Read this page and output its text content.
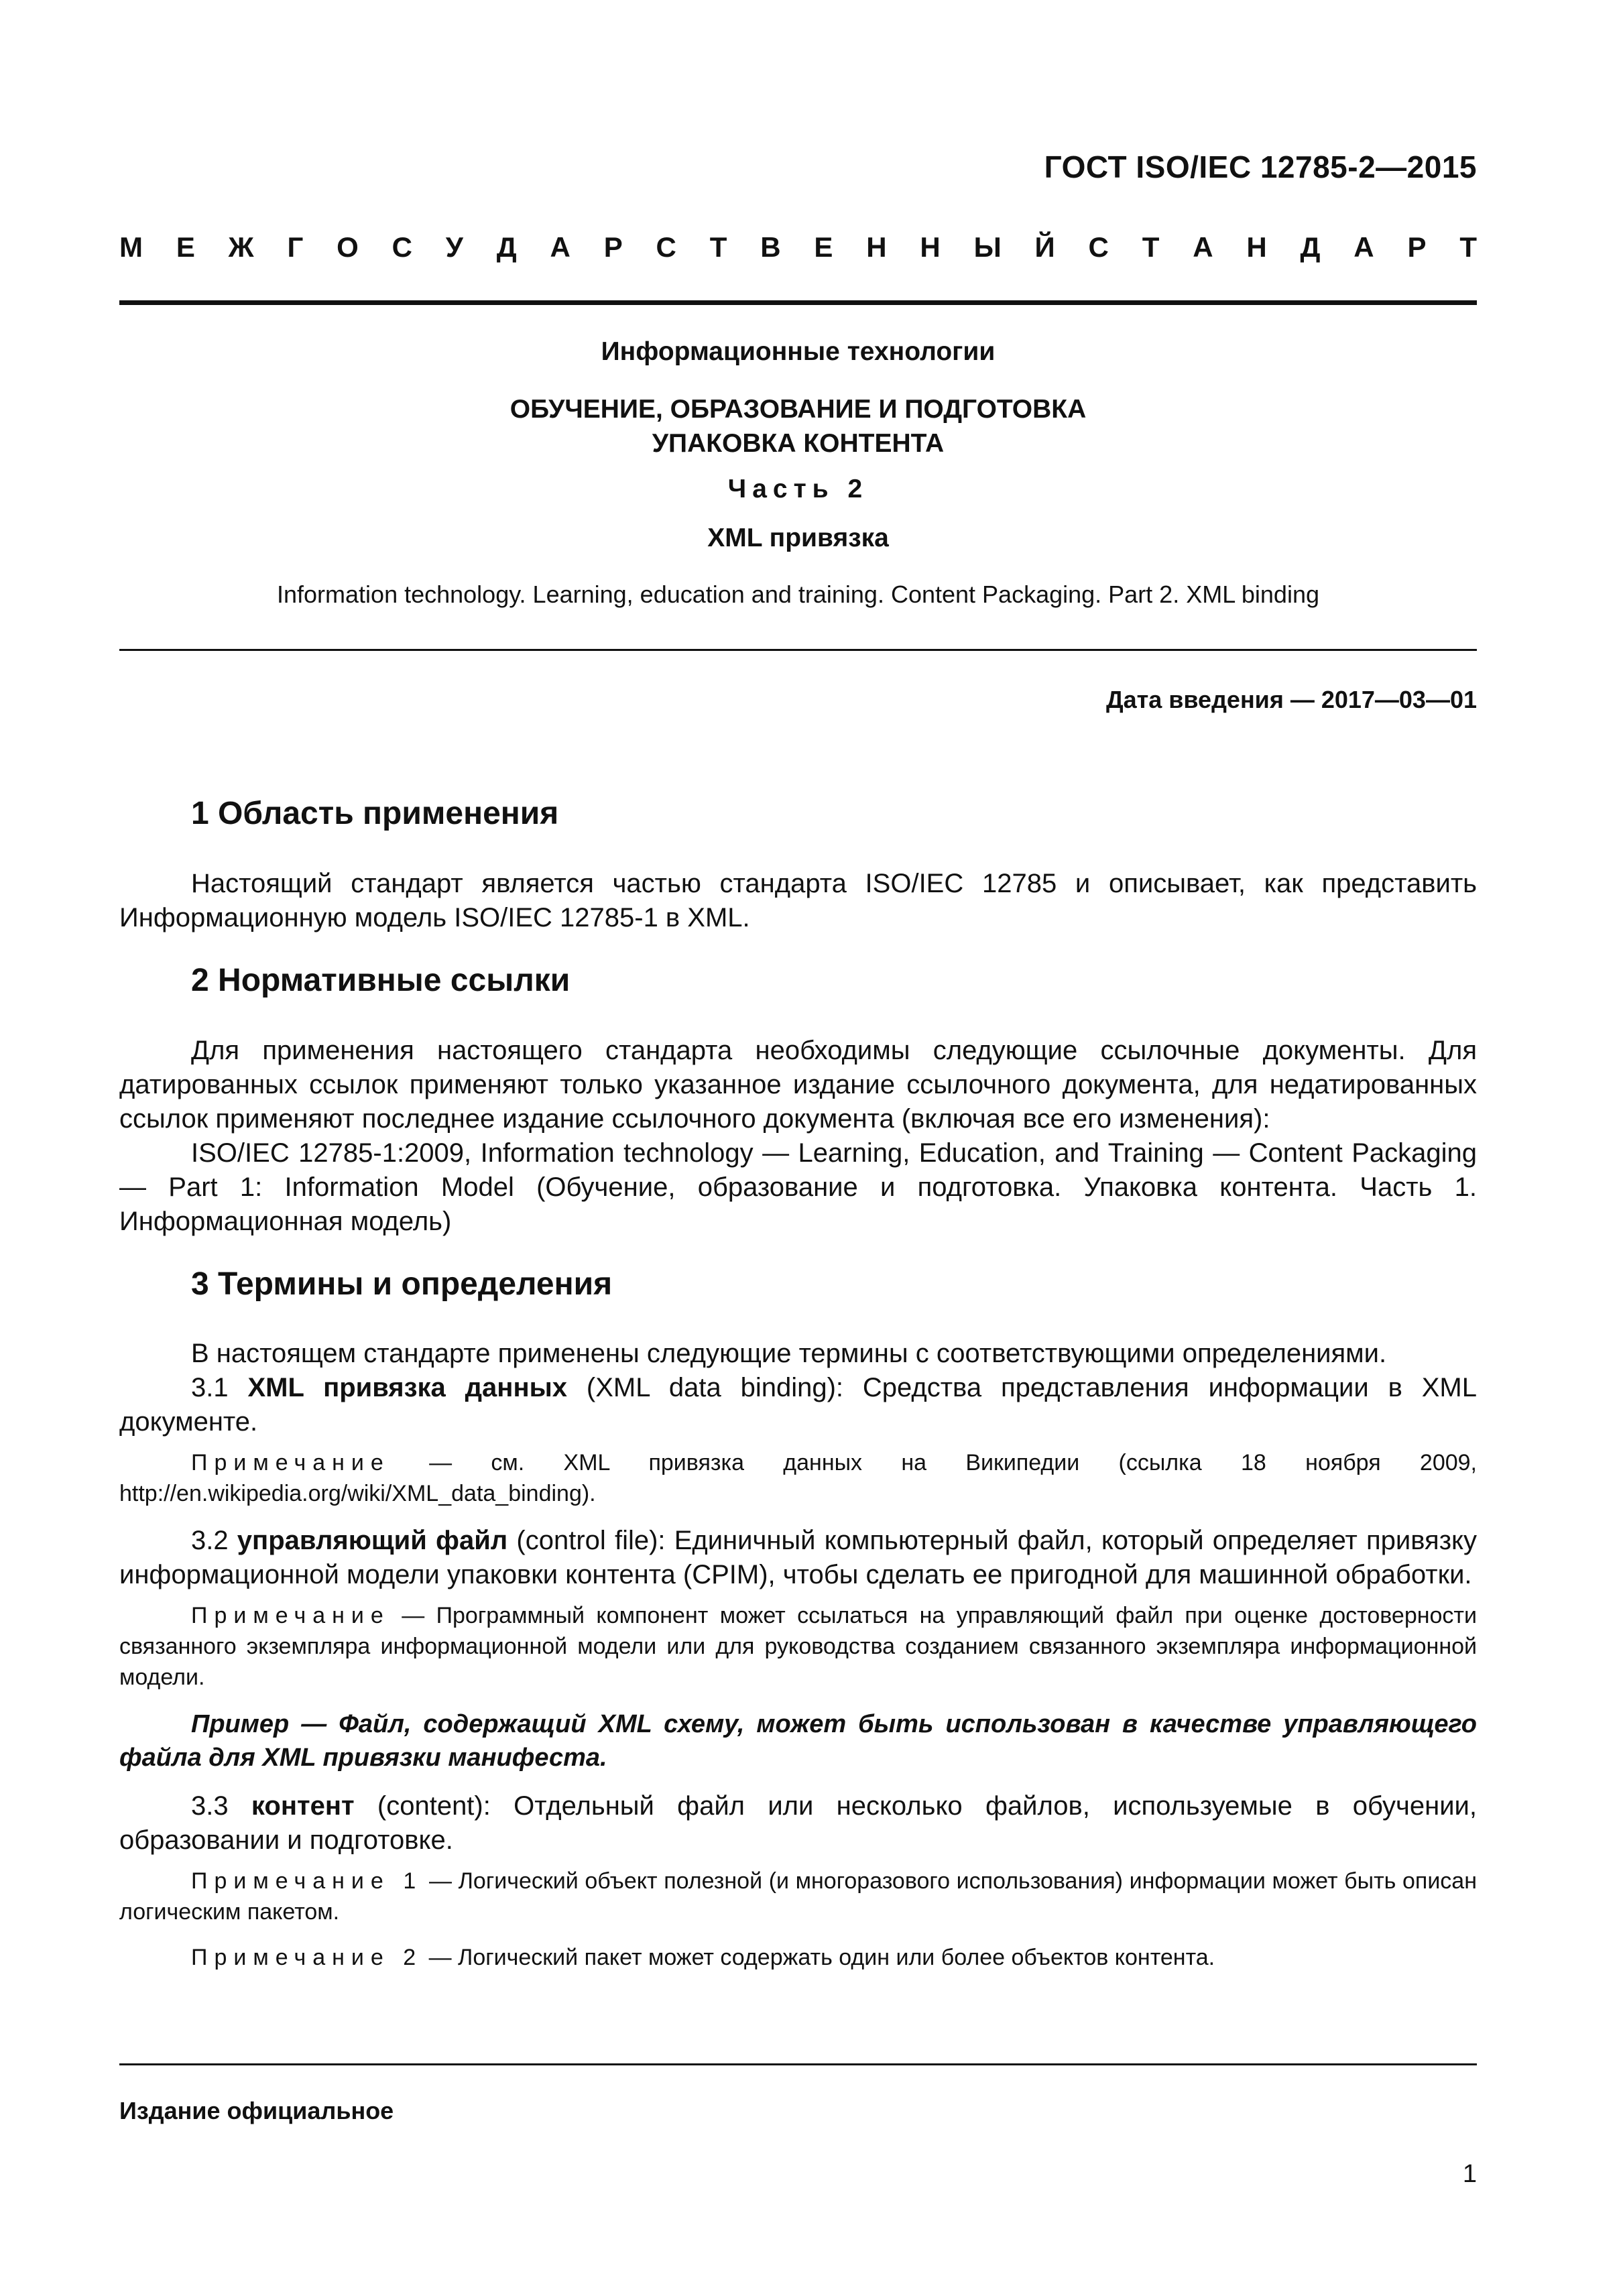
ГОСТ ISO/IEC 12785-2—2015
М Е Ж Г О С У Д А Р С Т В Е Н Н Ы Й С Т А Н Д А Р Т
Информационные технологии
ОБУЧЕНИЕ, ОБРАЗОВАНИЕ И ПОДГОТОВКА
УПАКОВКА КОНТЕНТА
Часть 2
XML привязка
Information technology. Learning, education and training. Content Packaging. Part 2. XML binding
Дата введения — 2017—03—01
1 Область применения

Настоящий стандарт является частью стандарта ISO/IEC 12785 и описывает, как представить Информационную модель ISO/IEC 12785-1 в XML.

2 Нормативные ссылки

Для применения настоящего стандарта необходимы следующие ссылочные документы. Для датированных ссылок применяют только указанное издание ссылочного документа, для недатированных ссылок применяют последнее издание ссылочного документа (включая все его изменения):

ISO/IEC 12785-1:2009, Information technology — Learning, Education, and Training — Content Packaging — Part 1: Information Model (Обучение, образование и подготовка. Упаковка контента. Часть 1. Информационная модель)

3 Термины и определения

В настоящем стандарте применены следующие термины с соответствующими определениями.

3.1 XML привязка данных (XML data binding): Средства представления информации в XML документе.

Примечание — см. XML привязка данных на Википедии (ссылка 18 ноября 2009, http://en.wikipedia.org/wiki/XML_data_binding).

3.2 управляющий файл (control file): Единичный компьютерный файл, который определяет привязку информационной модели упаковки контента (CPIM), чтобы сделать ее пригодной для машинной обработки.

Примечание — Программный компонент может ссылаться на управляющий файл при оценке достоверности связанного экземпляра информационной модели или для руководства созданием связанного экземпляра информационной модели.

Пример — Файл, содержащий XML схему, может быть использован в качестве управляющего файла для XML привязки манифеста.

3.3 контент (content): Отдельный файл или несколько файлов, используемые в обучении, образовании и подготовке.

Примечание 1 — Логический объект полезной (и многоразового использования) информации может быть описан логическим пакетом.

Примечание 2 — Логический пакет может содержать один или более объектов контента.

Издание официальное
1
